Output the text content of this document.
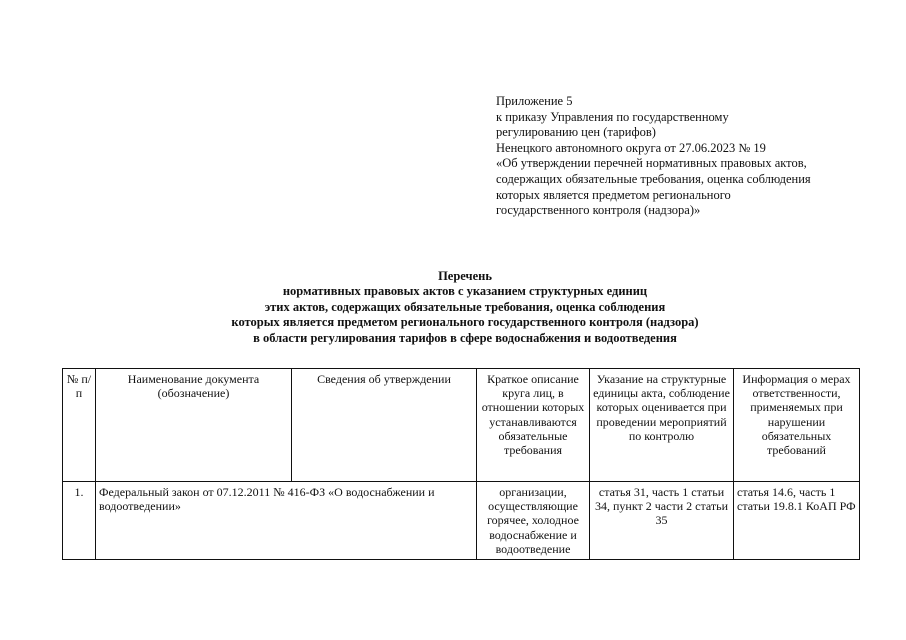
Приложение 5
к приказу Управления по государственному
регулированию цен (тарифов)
Ненецкого автономного округа от 27.06.2023 № 19
«Об утверждении перечней нормативных правовых актов,
содержащих обязательные требования, оценка соблюдения
которых является предметом регионального
государственного контроля (надзора)»
Перечень
нормативных правовых актов с указанием структурных единиц
этих актов, содержащих обязательные требования, оценка соблюдения
которых является предметом регионального государственного контроля (надзора)
в области регулирования тарифов в сфере водоснабжения и водоотведения
№ п/п	Наименование документа (обозначение)	Сведения об утверждении	Краткое описание круга лиц, в отношении которых устанавливаются обязательные требования	Указание на структурные единицы акта, соблюдение которых оценивается при проведении мероприятий по контролю	Информация о мерах ответственности, применяемых при нарушении обязательных требований
1.	Федеральный закон от 07.12.2011 № 416-ФЗ «О водоснабжении и водоотведении»		организации, осуществляющие горячее, холодное водоснабжение и водоотведение	статья 31, часть 1 статьи 34, пункт 2 части 2 статьи 35	статья 14.6, часть 1 статьи 19.8.1 КоАП РФ
